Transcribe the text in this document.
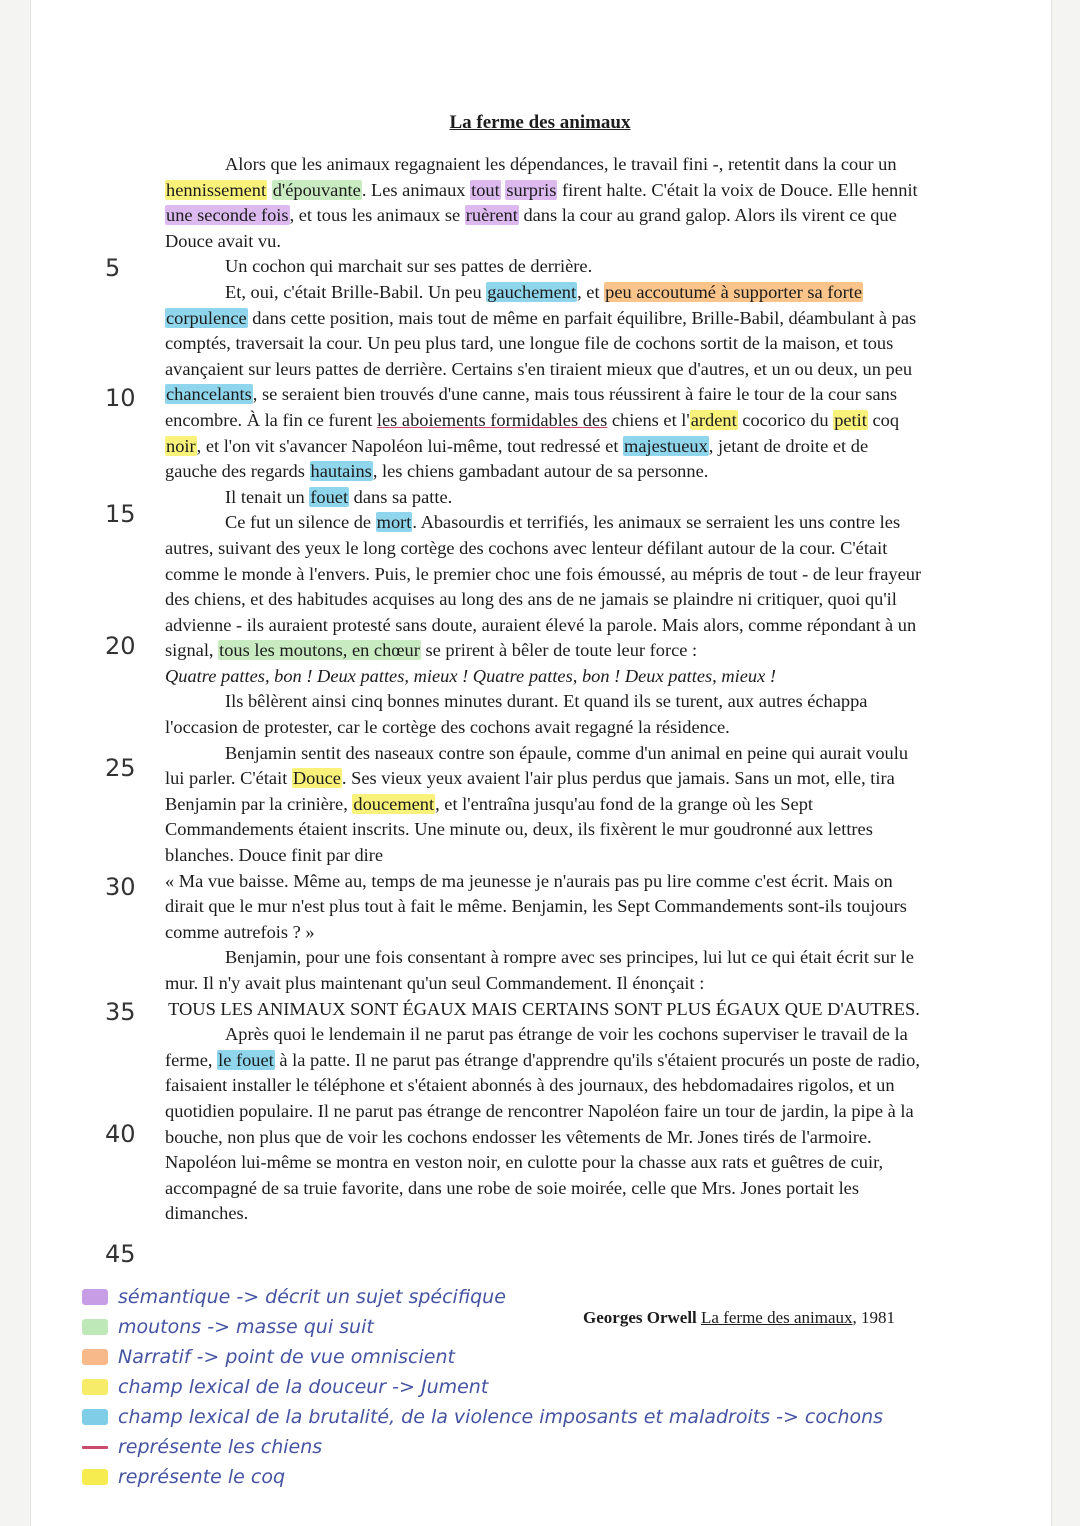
La ferme des animaux

Alors que les animaux regagnaient les dépendances, le travail fini -, retentit dans la cour un hennissement d'épouvante. Les animaux tout surpris firent halte. C'était la voix de Douce. Elle hennit une seconde fois, et tous les animaux se ruèrent dans la cour au grand galop. Alors ils virent ce que Douce avait vu.

Un cochon qui marchait sur ses pattes de derrière.

Et, oui, c'était Brille-Babil. Un peu gauchement, et peu accoutumé à supporter sa forte corpulence dans cette position, mais tout de même en parfait équilibre, Brille-Babil, déambulant à pas comptés, traversait la cour. Un peu plus tard, une longue file de cochons sortit de la maison, et tous avançaient sur leurs pattes de derrière. Certains s'en tiraient mieux que d'autres, et un ou deux, un peu chancelants, se seraient bien trouvés d'une canne, mais tous réussirent à faire le tour de la cour sans encombre. À la fin ce furent les aboiements formidables des chiens et l'ardent cocorico du petit coq noir, et l'on vit s'avancer Napoléon lui-même, tout redressé et majestueux, jetant de droite et de gauche des regards hautains, les chiens gambadant autour de sa personne.

Il tenait un fouet dans sa patte.

Ce fut un silence de mort. Abasourdis et terrifiés, les animaux se serraient les uns contre les autres, suivant des yeux le long cortège des cochons avec lenteur défilant autour de la cour. C'était comme le monde à l'envers. Puis, le premier choc une fois émoussé, au mépris de tout - de leur frayeur des chiens, et des habitudes acquises au long des ans de ne jamais se plaindre ni critiquer, quoi qu'il advienne - ils auraient protesté sans doute, auraient élevé la parole. Mais alors, comme répondant à un signal, tous les moutons, en chœur se prirent à bêler de toute leur force :

Quatre pattes, bon ! Deux pattes, mieux ! Quatre pattes, bon ! Deux pattes, mieux !

Ils bêlèrent ainsi cinq bonnes minutes durant. Et quand ils se turent, aux autres échappa l'occasion de protester, car le cortège des cochons avait regagné la résidence.

Benjamin sentit des naseaux contre son épaule, comme d'un animal en peine qui aurait voulu lui parler. C'était Douce. Ses vieux yeux avaient l'air plus perdus que jamais. Sans un mot, elle, tira Benjamin par la crinière, doucement, et l'entraîna jusqu'au fond de la grange où les Sept Commandements étaient inscrits. Une minute ou, deux, ils fixèrent le mur goudronné aux lettres blanches. Douce finit par dire

« Ma vue baisse. Même au, temps de ma jeunesse je n'aurais pas pu lire comme c'est écrit. Mais on dirait que le mur n'est plus tout à fait le même. Benjamin, les Sept Commandements sont-ils toujours comme autrefois ? »

Benjamin, pour une fois consentant à rompre avec ses principes, lui lut ce qui était écrit sur le mur. Il n'y avait plus maintenant qu'un seul Commandement. Il énonçait :

TOUS LES ANIMAUX SONT ÉGAUX MAIS CERTAINS SONT PLUS ÉGAUX QUE D'AUTRES.

Après quoi le lendemain il ne parut pas étrange de voir les cochons superviser le travail de la ferme, le fouet à la patte. Il ne parut pas étrange d'apprendre qu'ils s'étaient procurés un poste de radio, faisaient installer le téléphone et s'étaient abonnés à des journaux, des hebdomadaires rigolos, et un quotidien populaire. Il ne parut pas étrange de rencontrer Napoléon faire un tour de jardin, la pipe à la bouche, non plus que de voir les cochons endosser les vêtements de Mr. Jones tirés de l'armoire. Napoléon lui-même se montra en veston noir, en culotte pour la chasse aux rats et guêtres de cuir, accompagné de sa truie favorite, dans une robe de soie moirée, celle que Mrs. Jones portait les dimanches.

5
10
15
20
25
30
35
40
45
Georges Orwell La ferme des animaux, 1981
sémantique -> décrit un sujet spécifique
moutons -> masse qui suit
Narratif -> point de vue omniscient
champ lexical de la douceur -> Jument
champ lexical de la brutalité, de la violence imposants et maladroits -> cochons
représente les chiens
représente le coq
